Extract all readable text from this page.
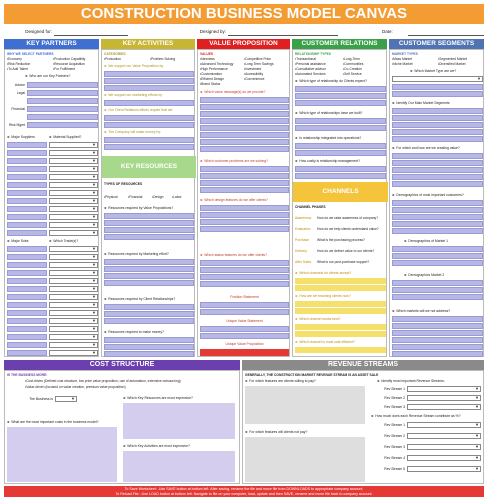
CONSTRUCTION BUSINESS MODEL CANVAS
Designed for:	Designed by:	Date:
KEY PARTNERS	KEY ACTIVITIES	VALUE PROPOSITION	CUSTOMER RELATIONS	CUSTOMER SEGMENTS
WHY WE SELECT PARTNERS
•Economy
•Risk Reduction
•To Add Talent
•Production Capability
•Resource Acquisition
•For Fulfillment
► Who are our Key Partners?
Advice
Legal
Financial
Risk Mgmt
► Major Suppliers	► Material Supplied?
▼
▼
▼
▼
▼
▼
▼
▼
▼
▼
▼
▼
► Major Subs	► Which Trade(s)?
▼
▼
▼
▼
▼
▼
▼
▼
▼
▼
▼
▼
▼
▼
CATEGORIES
•Production	•Problem Solving
► We support our Value Proposition by
► We support our marketing efforts by
► Our Client Relations efforts require that we:
► The Company will make money by:
KEY RESOURCES
TYPES OF RESOURCES
•Physical	•Financial	•Design	•Labor
► Resources required by Value Propositions?
► Resources required by Marketing effort?
► Resources required by Client Relationships?
► Resources required to make money?
VALUES
•Newness
•Advanced Technology
•High Performance
•Customization
•Efficient Design
•Brand Status
•Competitive Price
•Long-Term Savings
•Investment
•Accessibility
•Convenience
► Which value message(s) do we provide?
► Which customer problems are we solving?
► Which design features do we offer clients?
► Which status features do we offer clients?
Position Statement
Unique Value Statement
Unique Value Proposition
RELATIONSHIP TYPES
•Transactional
•Personal assistance
•Consultative advisor
•Automated Services
•Long-Term
•Communities
•Co-Creation
•Self Service
► Which type of relationship do Clients expect?
► Which type of relationships have we built?
► Is relationship integrated into operations?
► How costly is relationship management?
CHANNELS
CHANNEL PHASES
Awareness How do we raise awareness of company?
Evaluation How do we help clients understand value?
Purchase What is the purchasing process?
Delivery	How do we deliver value to our clients?
After Sales What is our post-purchase support?
► Which channels do clients accept?
► How are we reaching clients now?
► Which channel works best?
► Which channel is most cost efficient?
MARKET TYPES
•Mass Market
•Niche Market
•Segmented Market
•Diversified Market
► Which Market Type are we?
▼
► Identify Our Main Market Segments
► For which and how are we creating value?
► Demographics of most important customers?
► Demographics of Market 1
► Demographics Market 2
► Which markets will we not address?
COST STRUCTURE
IS THE BUSINESS MORE:
•Cost-driven (Defined cost structure, low price value proposition, use of automation, extensive outsourcing)
•Value-driven (focused on value creation, premium value proposition)
The Business is
▼
► What are the most important costs in the business model?
► Which Key Resources are most expensive?
► Which Key Activities are most expensive?
REVENUE STREAMS
GENERALLY, THE CONSTRUCTION MARKET REVENUE STREAM IS AN ASSET SALE
► For which features are clients willing to pay?
► For which features will clients not pay?
► Identify most important Revenue Streams:
Rev Stream 1
▼
Rev Stream 2
▼
Rev Stream 3
▼
► How much does each Revenue Stream contribute as %?
Rev Stream 1
▼
Rev Stream 2
▼
Rev Stream 3
▼
Rev Stream 4
▼
Rev Stream 5
▼
To Save Worksheet: -Use SAVE button at bottom left. After saving, rename the file and move file from DOWNLOADS to appropriate company account.
To Reload File: -Use LOAD button at bottom left. Navigate to file on your computer, load, update and then SAVE, rename and move file back to company account.
